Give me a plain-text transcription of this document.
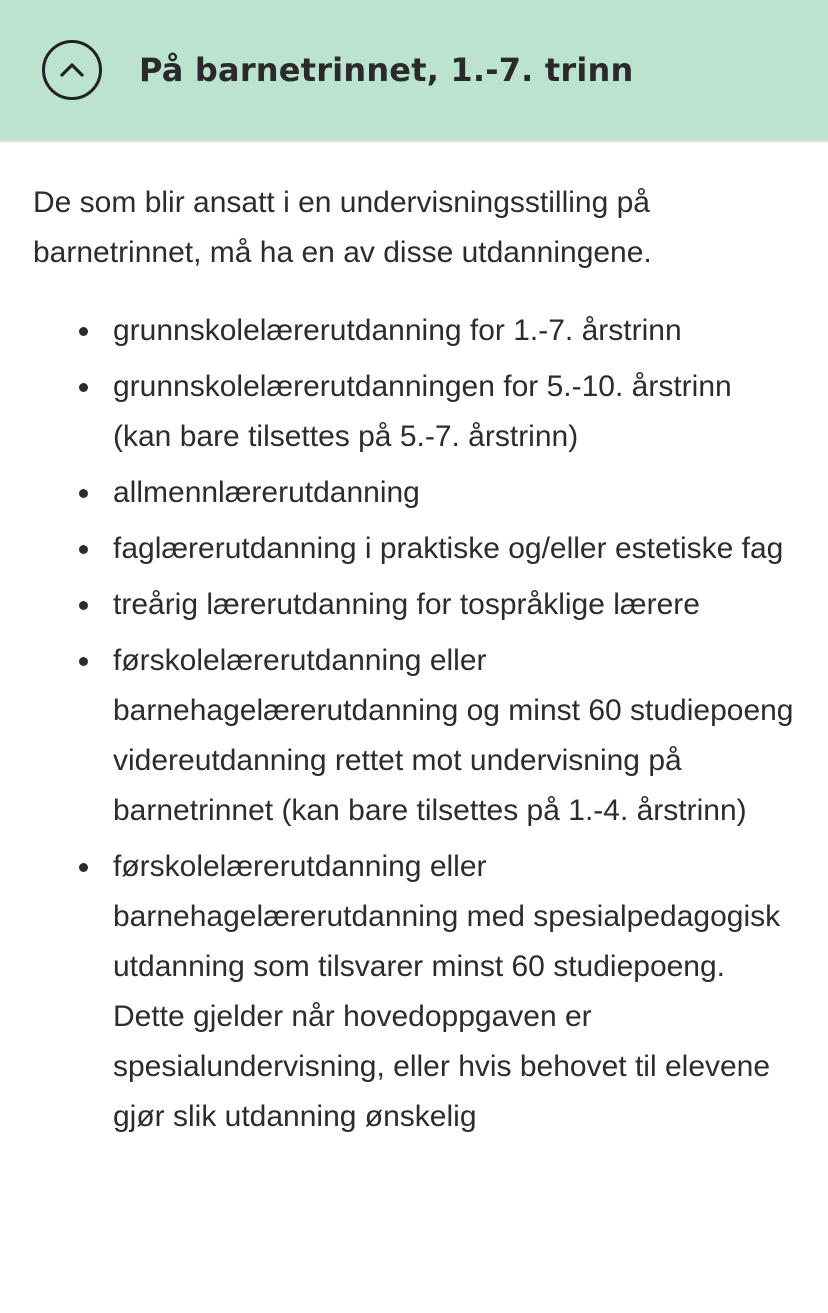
På barnetrinnet, 1.-7. trinn

De som blir ansatt i en undervisningsstilling på barnetrinnet, må ha en av disse utdanningene.

grunnskolelærerutdanning for 1.-7. årstrinn
grunnskolelærerutdanningen for 5.-10. årstrinn (kan bare tilsettes på 5.-7. årstrinn)
allmennlærerutdanning
faglærerutdanning i praktiske og/eller estetiske fag
treårig lærerutdanning for tospråklige lærere
førskolelærerutdanning eller barnehagelærerutdanning og minst 60 studiepoeng videreutdanning rettet mot undervisning på barnetrinnet (kan bare tilsettes på 1.-4. årstrinn)
førskolelærerutdanning eller barnehagelærerutdanning med spesialpedagogisk utdanning som tilsvarer minst 60 studiepoeng. Dette gjelder når hovedoppgaven er spesialundervisning, eller hvis behovet til elevene gjør slik utdanning ønskelig
